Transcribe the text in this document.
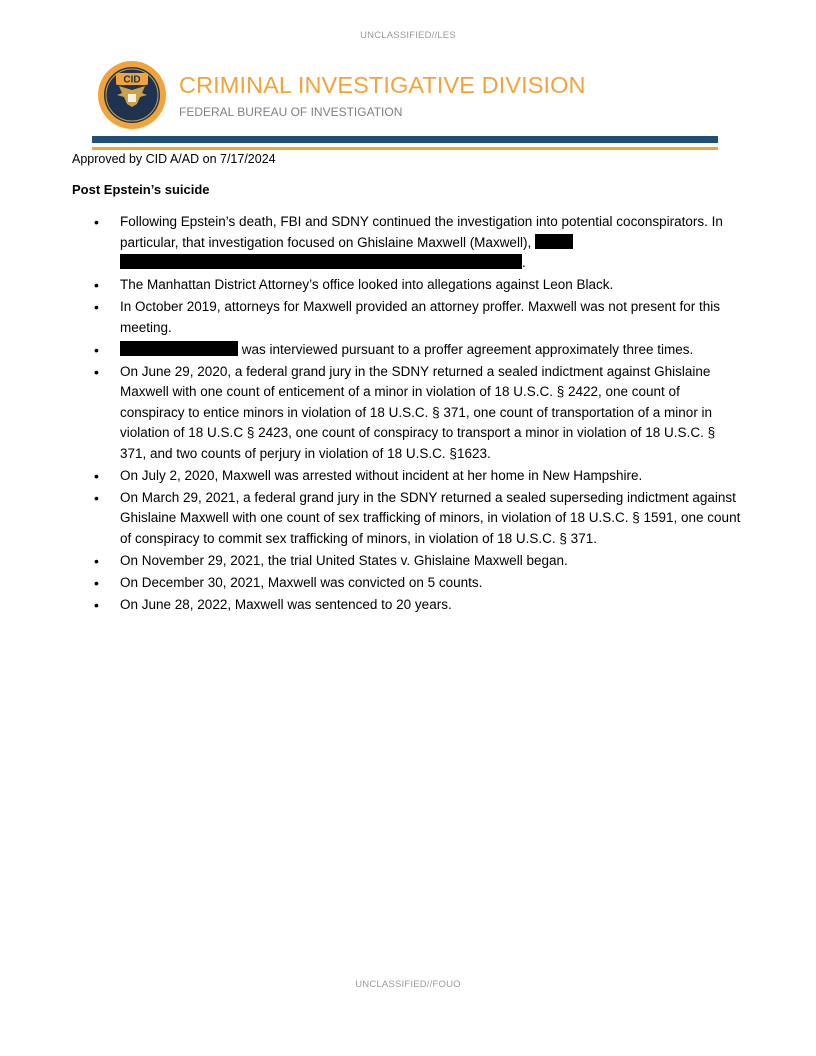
UNCLASSIFIED//LES
CID CRIMINAL INVESTIGATIVE DIVISION
FEDERAL BUREAU OF INVESTIGATION
Approved by CID A/AD on 7/17/2024
Post Epstein’s suicide
• Following Epstein’s death, FBI and SDNY continued the investigation into potential coconspirators. In particular, that investigation focused on Ghislaine Maxwell (Maxwell),  .
• The Manhattan District Attorney’s office looked into allegations against Leon Black.
• In October 2019, attorneys for Maxwell provided an attorney proffer. Maxwell was not present for this meeting.
• was interviewed pursuant to a proffer agreement approximately three times.
• On June 29, 2020, a federal grand jury in the SDNY returned a sealed indictment against Ghislaine Maxwell with one count of enticement of a minor in violation of 18 U.S.C. § 2422, one count of conspiracy to entice minors in violation of 18 U.S.C. § 371, one count of transportation of a minor in violation of 18 U.S.C § 2423, one count of conspiracy to transport a minor in violation of 18 U.S.C. § 371, and two counts of perjury in violation of 18 U.S.C. §1623.
• On July 2, 2020, Maxwell was arrested without incident at her home in New Hampshire.
• On March 29, 2021, a federal grand jury in the SDNY returned a sealed superseding indictment against Ghislaine Maxwell with one count of sex trafficking of minors, in violation of 18 U.S.C. § 1591, one count of conspiracy to commit sex trafficking of minors, in violation of 18 U.S.C. § 371.
• On November 29, 2021, the trial United States v. Ghislaine Maxwell began.
• On December 30, 2021, Maxwell was convicted on 5 counts.
• On June 28, 2022, Maxwell was sentenced to 20 years.
UNCLASSIFIED//FOUO
